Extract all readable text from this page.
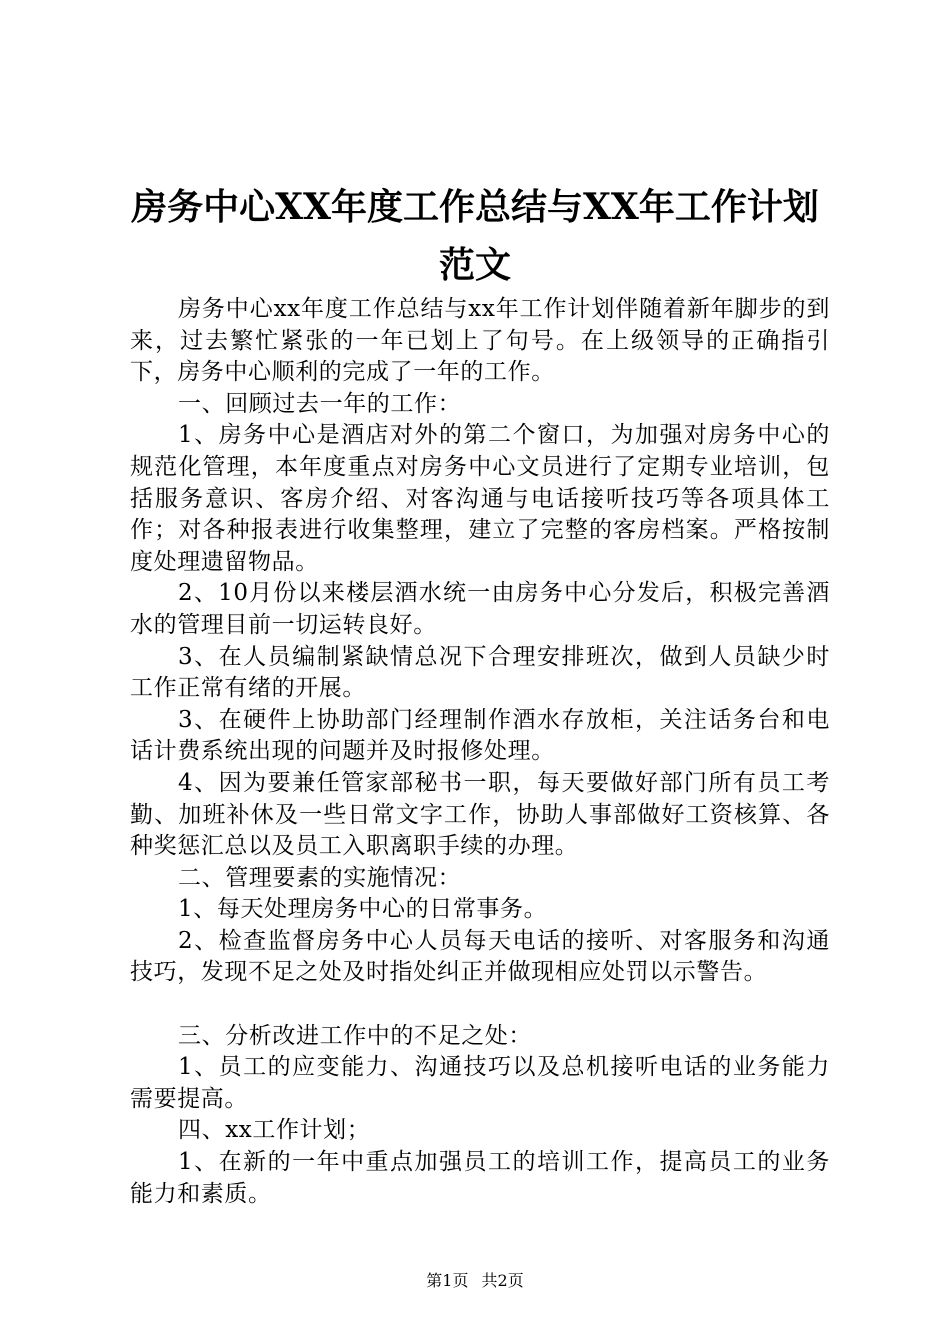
房务中心XX年度工作总结与XX年工作计划范文

房务中心xx年度工作总结与xx年工作计划伴随着新年脚步的到来，过去繁忙紧张的一年已划上了句号。在上级领导的正确指引下，房务中心顺利的完成了一年的工作。

一、回顾过去一年的工作：

1、房务中心是酒店对外的第二个窗口，为加强对房务中心的规范化管理，本年度重点对房务中心文员进行了定期专业培训，包括服务意识、客房介绍、对客沟通与电话接听技巧等各项具体工作；对各种报表进行收集整理，建立了完整的客房档案。严格按制度处理遗留物品。

2、10月份以来楼层酒水统一由房务中心分发后，积极完善酒水的管理目前一切运转良好。

3、在人员编制紧缺情总况下合理安排班次，做到人员缺少时工作正常有绪的开展。

3、在硬件上协助部门经理制作酒水存放柜，关注话务台和电话计费系统出现的问题并及时报修处理。

4、因为要兼任管家部秘书一职，每天要做好部门所有员工考勤、加班补休及一些日常文字工作，协助人事部做好工资核算、各种奖惩汇总以及员工入职离职手续的办理。

二、管理要素的实施情况：

1、每天处理房务中心的日常事务。

2、检查监督房务中心人员每天电话的接听、对客服务和沟通技巧，发现不足之处及时指处纠正并做现相应处罚以示警告。

三、分析改进工作中的不足之处：

1、员工的应变能力、沟通技巧以及总机接听电话的业务能力需要提高。

四、xx工作计划；

1、在新的一年中重点加强员工的培训工作，提高员工的业务能力和素质。

第1页 共2页
